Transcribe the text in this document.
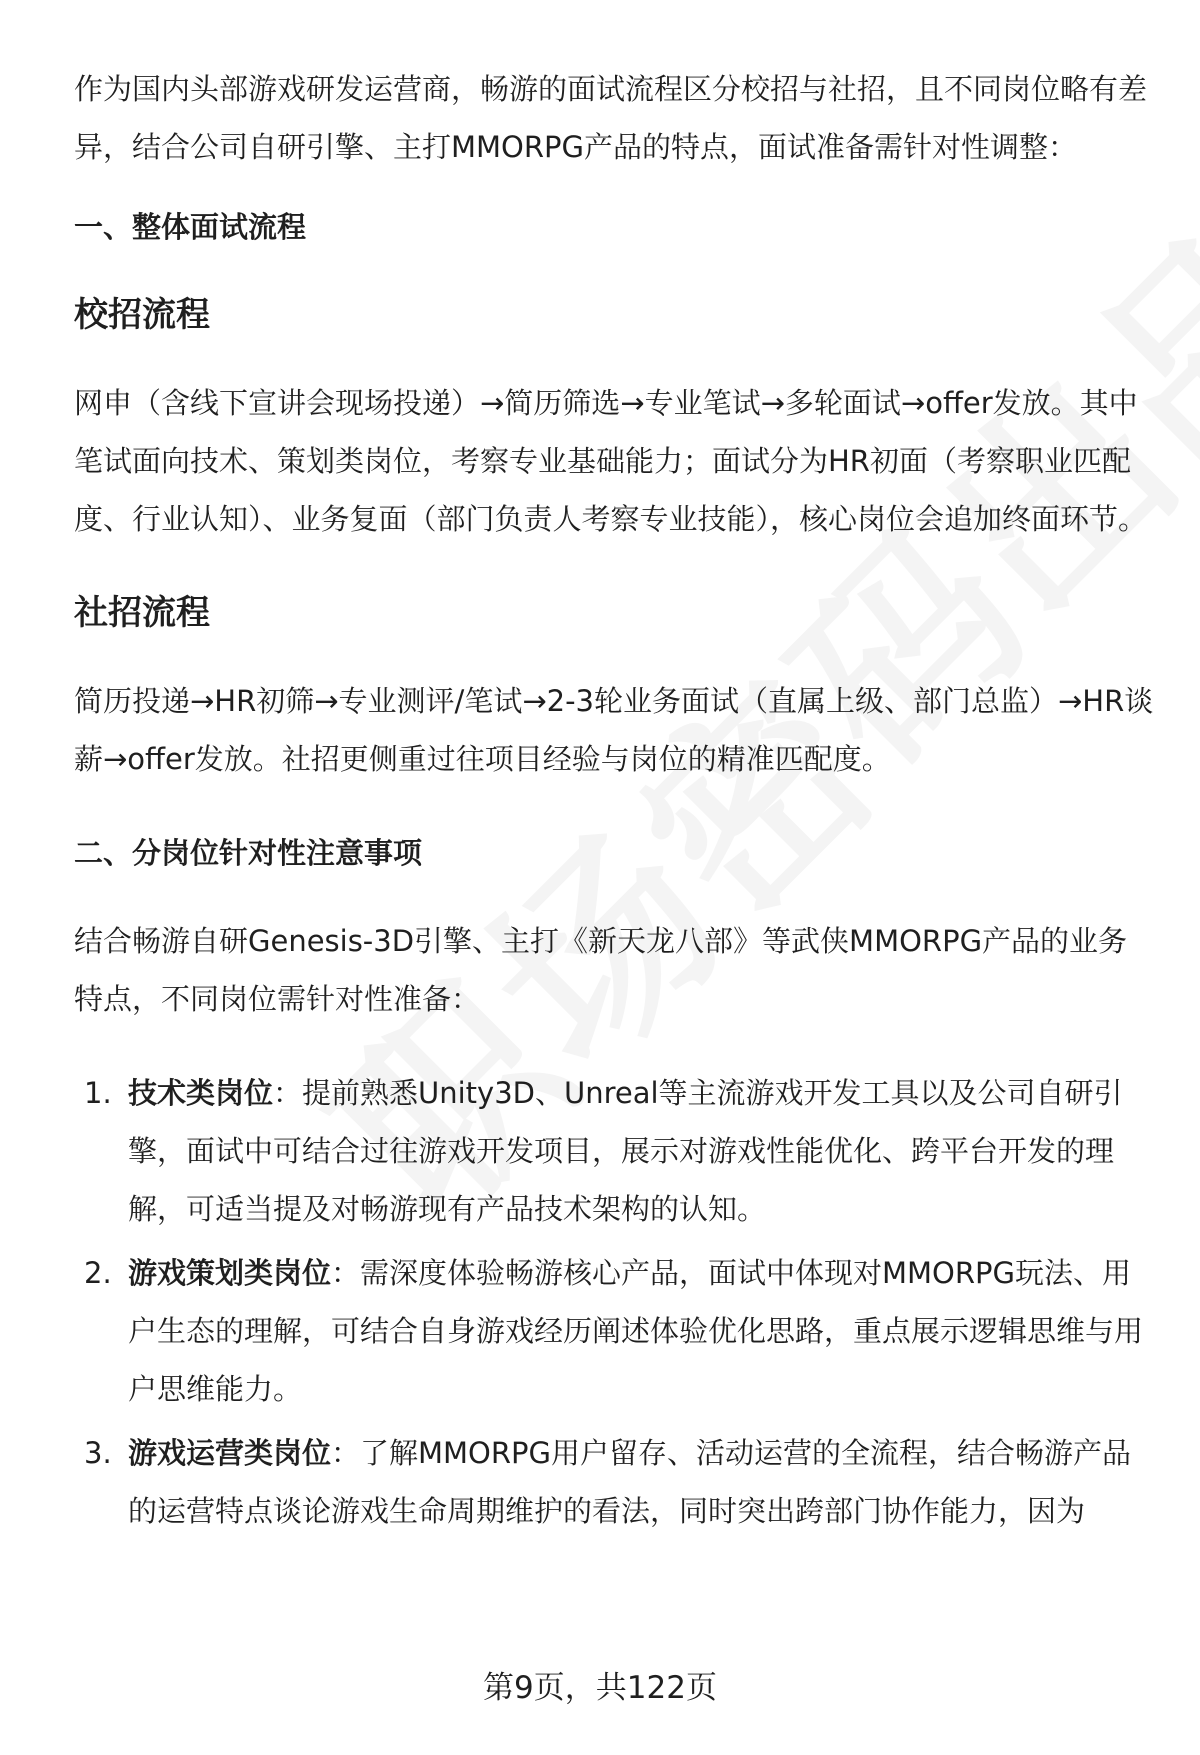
作为国内头部游戏研发运营商，畅游的面试流程区分校招与社招，且不同岗位略有差异，结合公司自研引擎、主打MMORPG产品的特点，面试准备需针对性调整：

一、整体面试流程
校招流程

网申（含线下宣讲会现场投递）→简历筛选→专业笔试→多轮面试→offer发放。其中笔试面向技术、策划类岗位，考察专业基础能力；面试分为HR初面（考察职业匹配度、行业认知）、业务复面（部门负责人考察专业技能），核心岗位会追加终面环节。

社招流程

简历投递→HR初筛→专业测评/笔试→2-3轮业务面试（直属上级、部门总监）→HR谈薪→offer发放。社招更侧重过往项目经验与岗位的精准匹配度。

二、分岗位针对性注意事项

结合畅游自研Genesis-3D引擎、主打《新天龙八部》等武侠MMORPG产品的业务特点，不同岗位需针对性准备：

1. 技术类岗位：提前熟悉Unity3D、Unreal等主流游戏开发工具以及公司自研引擎，面试中可结合过往游戏开发项目，展示对游戏性能优化、跨平台开发的理解，可适当提及对畅游现有产品技术架构的认知。
2. 游戏策划类岗位：需深度体验畅游核心产品，面试中体现对MMORPG玩法、用户生态的理解，可结合自身游戏经历阐述体验优化思路，重点展示逻辑思维与用户思维能力。
3. 游戏运营类岗位：了解MMORPG用户留存、活动运营的全流程，结合畅游产品的运营特点谈论游戏生命周期维护的看法，同时突出跨部门协作能力，因为
第9页，共122页
